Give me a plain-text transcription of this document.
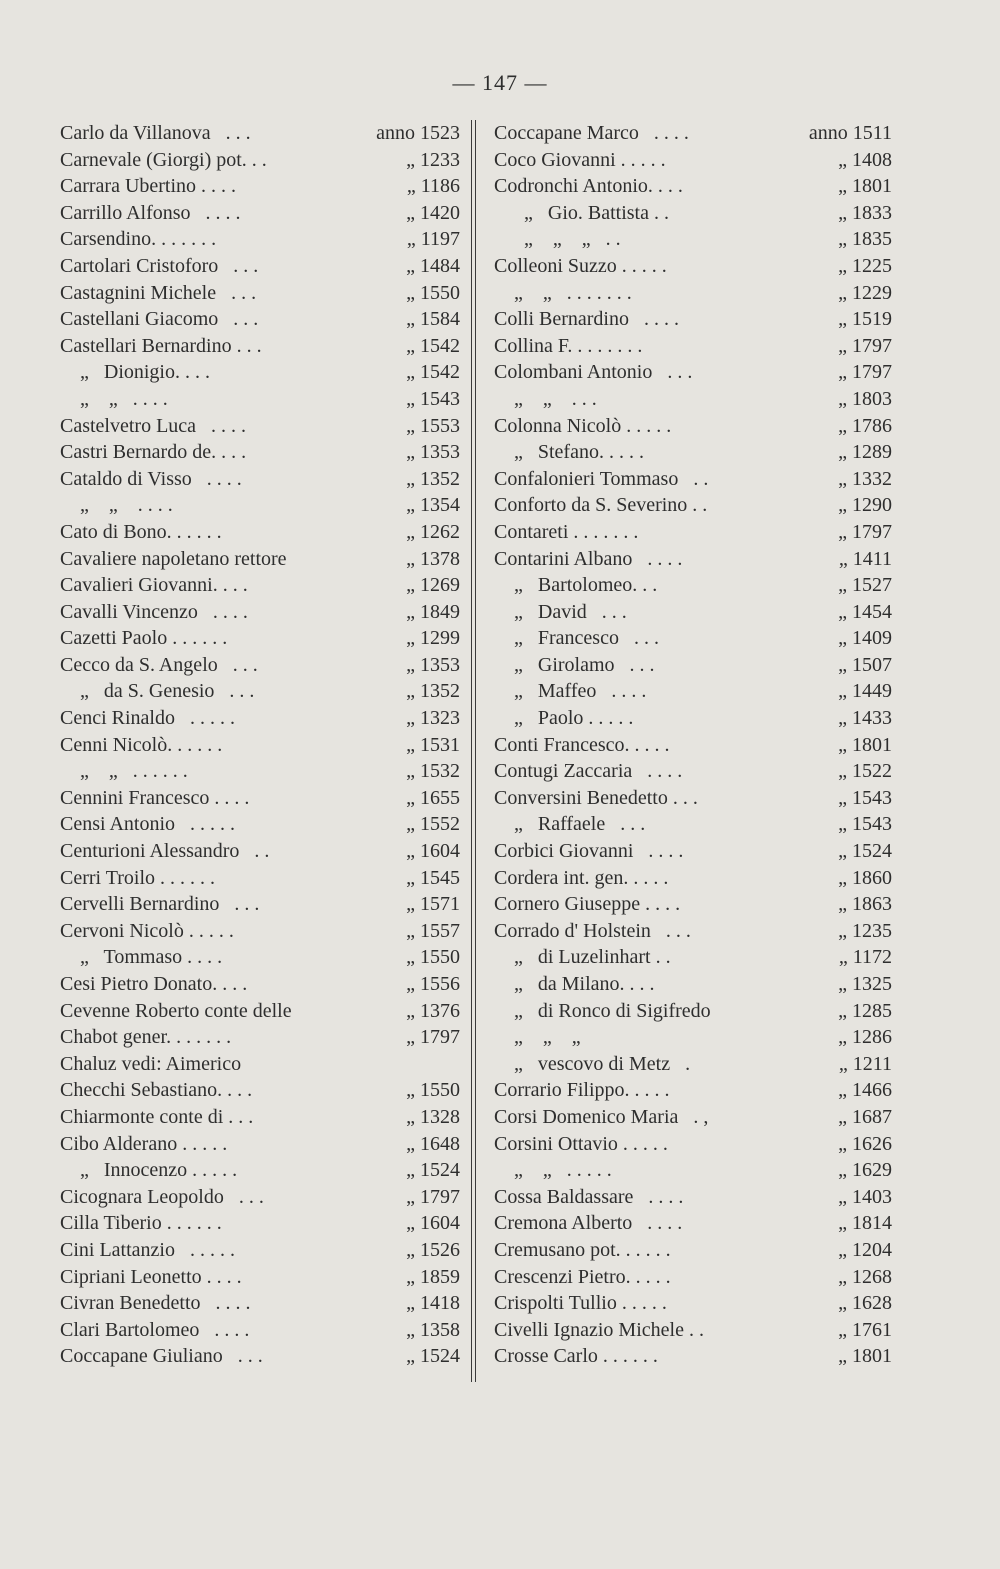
— 147 —
Carlo da Villanova   . . .	anno 1523
Carnevale (Giorgi) pot. . .	„ 1233
Carrara Ubertino . . . .	„ 1186
Carrillo Alfonso   . . . .	„ 1420
Carsendino. . . . . . .	„ 1197
Cartolari Cristoforo   . . .	„ 1484
Castagnini Michele   . . .	„ 1550
Castellani Giacomo   . . .	„ 1584
Castellari Bernardino . . .	„ 1542
„   Dionigio. . . .	„ 1542
„    „   . . . .	„ 1543
Castelvetro Luca   . . . .	„ 1553
Castri Bernardo de. . . .	„ 1353
Cataldo di Visso   . . . .	„ 1352
„    „    . . . .	„ 1354
Cato di Bono. . . . . .	„ 1262
Cavaliere napoletano rettore	„ 1378
Cavalieri Giovanni. . . .	„ 1269
Cavalli Vincenzo   . . . .	„ 1849
Cazetti Paolo . . . . . .	„ 1299
Cecco da S. Angelo   . . .	„ 1353
„   da S. Genesio   . . .	„ 1352
Cenci Rinaldo   . . . . .	„ 1323
Cenni Nicolò. . . . . .	„ 1531
„    „   . . . . . .	„ 1532
Cennini Francesco . . . .	„ 1655
Censi Antonio   . . . . .	„ 1552
Centurioni Alessandro   . .	„ 1604
Cerri Troilo . . . . . .	„ 1545
Cervelli Bernardino   . . .	„ 1571
Cervoni Nicolò . . . . .	„ 1557
„   Tommaso . . . .	„ 1550
Cesi Pietro Donato. . . .	„ 1556
Cevenne Roberto conte delle	„ 1376
Chabot gener. . . . . . .	„ 1797
Chaluz vedi: Aimerico
Checchi Sebastiano. . . .	„ 1550
Chiarmonte conte di . . .	„ 1328
Cibo Alderano . . . . .	„ 1648
„   Innocenzo . . . . .	„ 1524
Cicognara Leopoldo   . . .	„ 1797
Cilla Tiberio . . . . . .	„ 1604
Cini Lattanzio   . . . . .	„ 1526
Cipriani Leonetto . . . .	„ 1859
Civran Benedetto   . . . .	„ 1418
Clari Bartolomeo   . . . .	„ 1358
Coccapane Giuliano   . . .	„ 1524
Coccapane Marco   . . . .	anno 1511
Coco Giovanni . . . . .	„ 1408
Codronchi Antonio. . . .	„ 1801
„   Gio. Battista . .	„ 1833
„    „    „   . .	„ 1835
Colleoni Suzzo . . . . .	„ 1225
„    „   . . . . . . .	„ 1229
Colli Bernardino   . . . .	„ 1519
Collina F. . . . . . . .	„ 1797
Colombani Antonio   . . .	„ 1797
„    „    . . .	„ 1803
Colonna Nicolò . . . . .	„ 1786
„   Stefano. . . . .	„ 1289
Confalonieri Tommaso   . .	„ 1332
Conforto da S. Severino . .	„ 1290
Contareti . . . . . . .	„ 1797
Contarini Albano   . . . .	„ 1411
„   Bartolomeo. . .	„ 1527
„   David   . . .	„ 1454
„   Francesco   . . .	„ 1409
„   Girolamo   . . .	„ 1507
„   Maffeo   . . . .	„ 1449
„   Paolo . . . . .	„ 1433
Conti Francesco. . . . .	„ 1801
Contugi Zaccaria   . . . .	„ 1522
Conversini Benedetto . . .	„ 1543
„   Raffaele   . . .	„ 1543
Corbici Giovanni   . . . .	„ 1524
Cordera int. gen. . . . .	„ 1860
Cornero Giuseppe . . . .	„ 1863
Corrado d' Holstein   . . .	„ 1235
„   di Luzelinhart . .	„ 1172
„   da Milano. . . .	„ 1325
„   di Ronco di Sigifredo	„ 1285
„    „    „	„ 1286
„   vescovo di Metz   .	„ 1211
Corrario Filippo. . . . .	„ 1466
Corsi Domenico Maria   . ,	„ 1687
Corsini Ottavio . . . . .	„ 1626
„    „   . . . . .	„ 1629
Cossa Baldassare   . . . .	„ 1403
Cremona Alberto   . . . .	„ 1814
Cremusano pot. . . . . .	„ 1204
Crescenzi Pietro. . . . .	„ 1268
Crispolti Tullio . . . . .	„ 1628
Civelli Ignazio Michele . .	„ 1761
Crosse Carlo . . . . . .	„ 1801
